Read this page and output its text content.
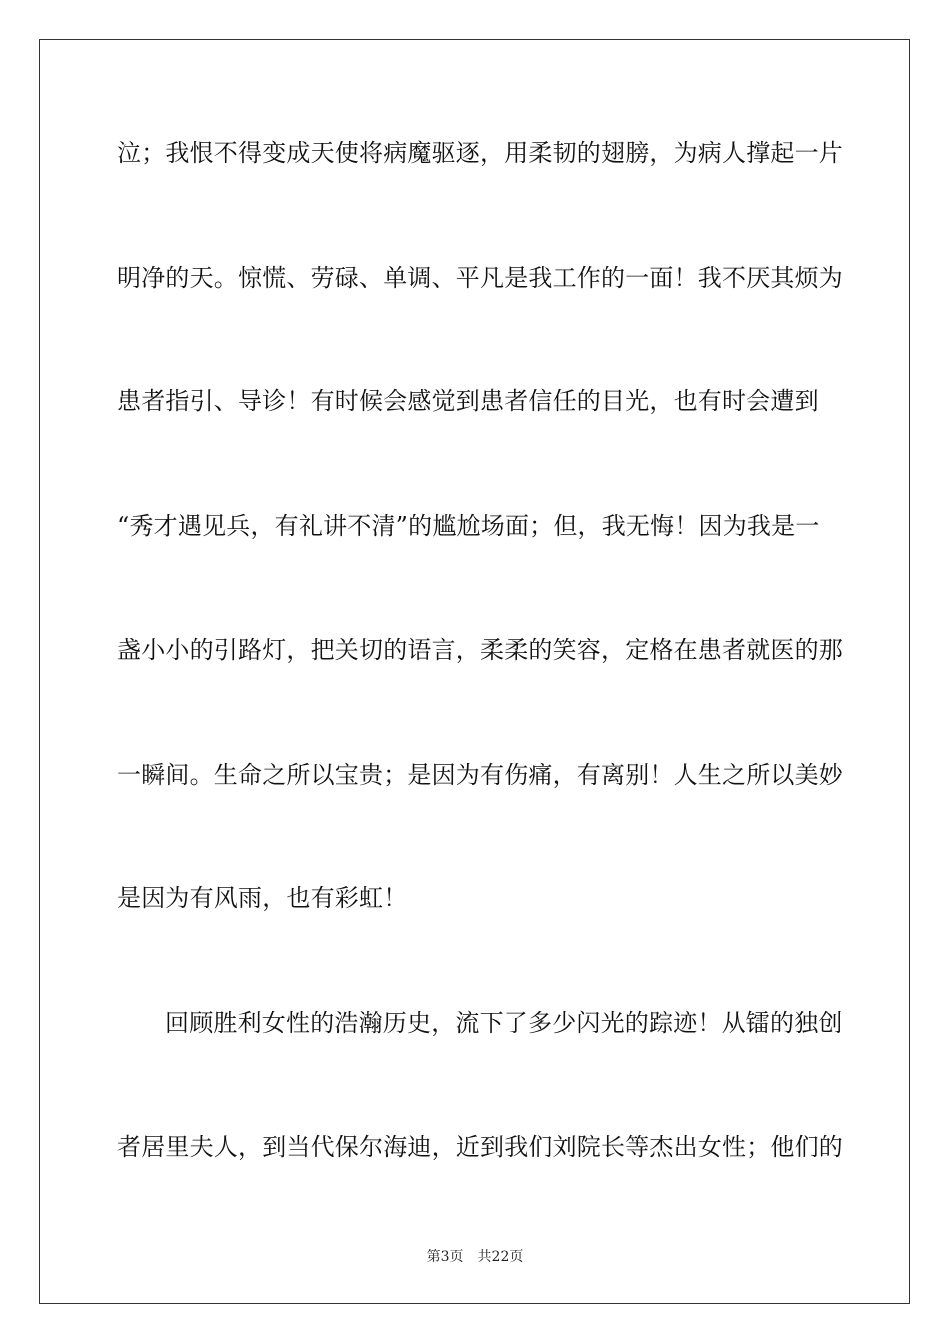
泣；我恨不得变成天使将病魔驱逐，用柔韧的翅膀，为病人撑起一片
明净的天。惊慌、劳碌、单调、平凡是我工作的一面！我不厌其烦为
患者指引、导诊！有时候会感觉到患者信任的目光，也有时会遭到
“秀才遇见兵，有礼讲不清”的尴尬场面；但，我无悔！因为我是一
盏小小的引路灯，把关切的语言，柔柔的笑容，定格在患者就医的那
一瞬间。生命之所以宝贵；是因为有伤痛，有离别！人生之所以美妙
是因为有风雨，也有彩虹！
回顾胜利女性的浩瀚历史，流下了多少闪光的踪迹！从镭的独创
者居里夫人，到当代保尔海迪，近到我们刘院长等杰出女性；他们的
第3页 共22页
